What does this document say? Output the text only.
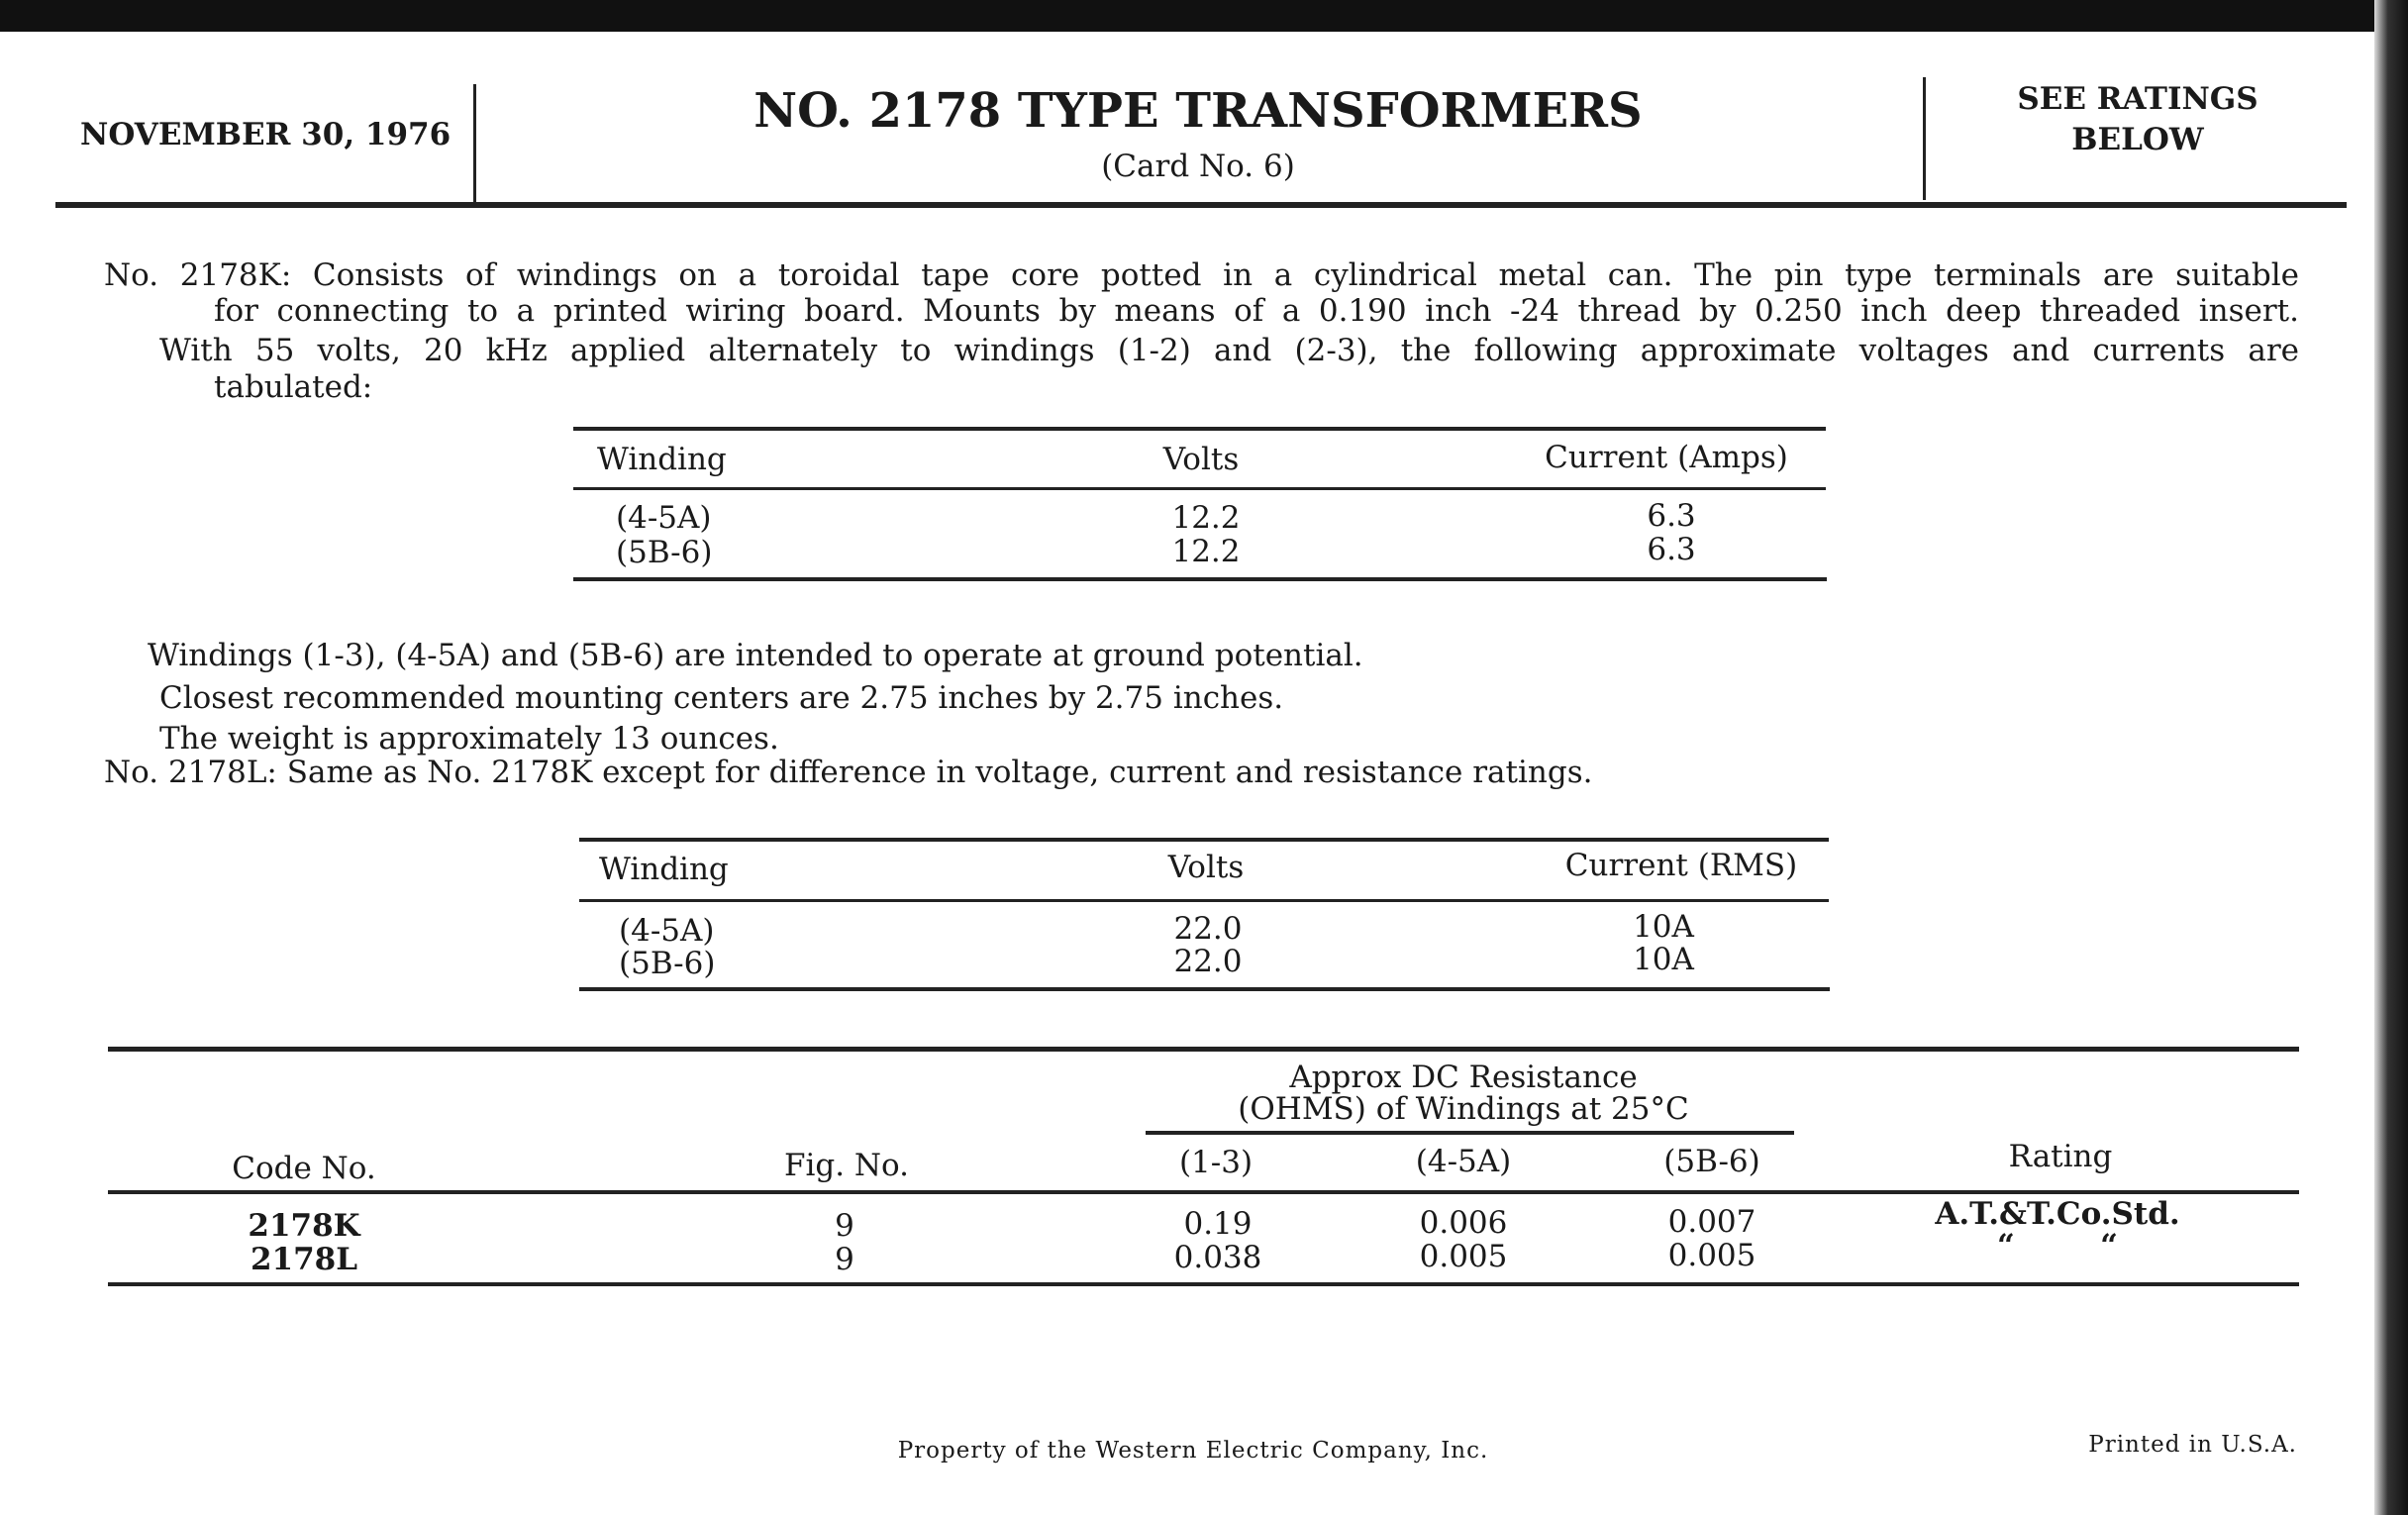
NOVEMBER 30, 1976	NO. 2178 TYPE TRANSFORMERS
(Card No. 6)
SEE RATINGS
BELOW
No. 2178K: Consists of windings on a toroidal tape core potted in a cylindrical metal can. The pin type terminals are suitable
for connecting to a printed wiring board. Mounts by means of a 0.190 inch -24 thread by 0.250 inch deep threaded insert.
With 55 volts, 20 kHz applied alternately to windings (1-2) and (2-3), the following approximate voltages and currents are
tabulated:
Winding	Volts	Current (Amps)
(4-5A)	12.2	6.3
(5B-6)	12.2	6.3
Windings (1-3), (4-5A) and (5B-6) are intended to operate at ground potential.
Closest recommended mounting centers are 2.75 inches by 2.75 inches.
The weight is approximately 13 ounces.
No. 2178L: Same as No. 2178K except for difference in voltage, current and resistance ratings.
Winding	Volts	Current (RMS)
(4-5A)	22.0	10A
(5B-6)	22.0	10A
Approx DC Resistance
(OHMS) of Windings at 25°C
Code No.	Fig. No.	(1-3)	(4-5A)	(5B-6)	Rating
2178K	9	0.19	0.006	0.007	A.T.&T.Co.Std.
2178L	9	0.038	0.005	0.005	“        “
Property of the Western Electric Company, Inc.	Printed in U.S.A.
